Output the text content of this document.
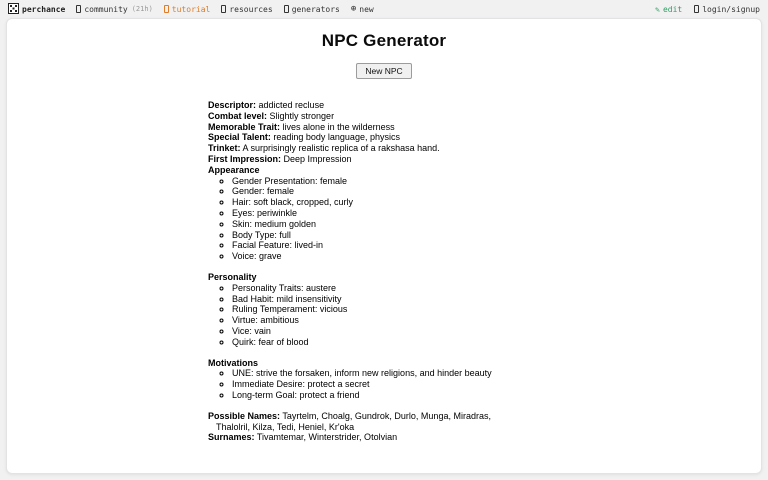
perchance community (21h) tutorial resources generators ⊕ new	✎ edit	login/signup
NPC Generator
New NPC

Descriptor: addicted recluse

Combat level: Slightly stronger

Memorable Trait: lives alone in the wilderness

Special Talent: reading body language, physics

Trinket: A surprisingly realistic replica of a rakshasa hand.

First Impression: Deep Impression

Appearance

◦ Gender Presentation: female
◦ Gender: female
◦ Hair: soft black, cropped, curly
◦ Eyes: periwinkle
◦ Skin: medium golden
◦ Body Type: full
◦ Facial Feature: lived-in
◦ Voice: grave

Personality

◦ Personality Traits: austere
◦ Bad Habit: mild insensitivity
◦ Ruling Temperament: vicious
◦ Virtue: ambitious
◦ Vice: vain
◦ Quirk: fear of blood

Motivations

◦ UNE: strive the forsaken, inform new religions, and hinder beauty
◦ Immediate Desire: protect a secret
◦ Long-term Goal: protect a friend

Possible Names: Tayrtelm, Choalg, Gundrok, Durlo, Munga, Miradras, Thalolril, Kilza, Tedi, Heniel, Kr'oka

Surnames: Tivamtemar, Winterstrider, Otolvian
